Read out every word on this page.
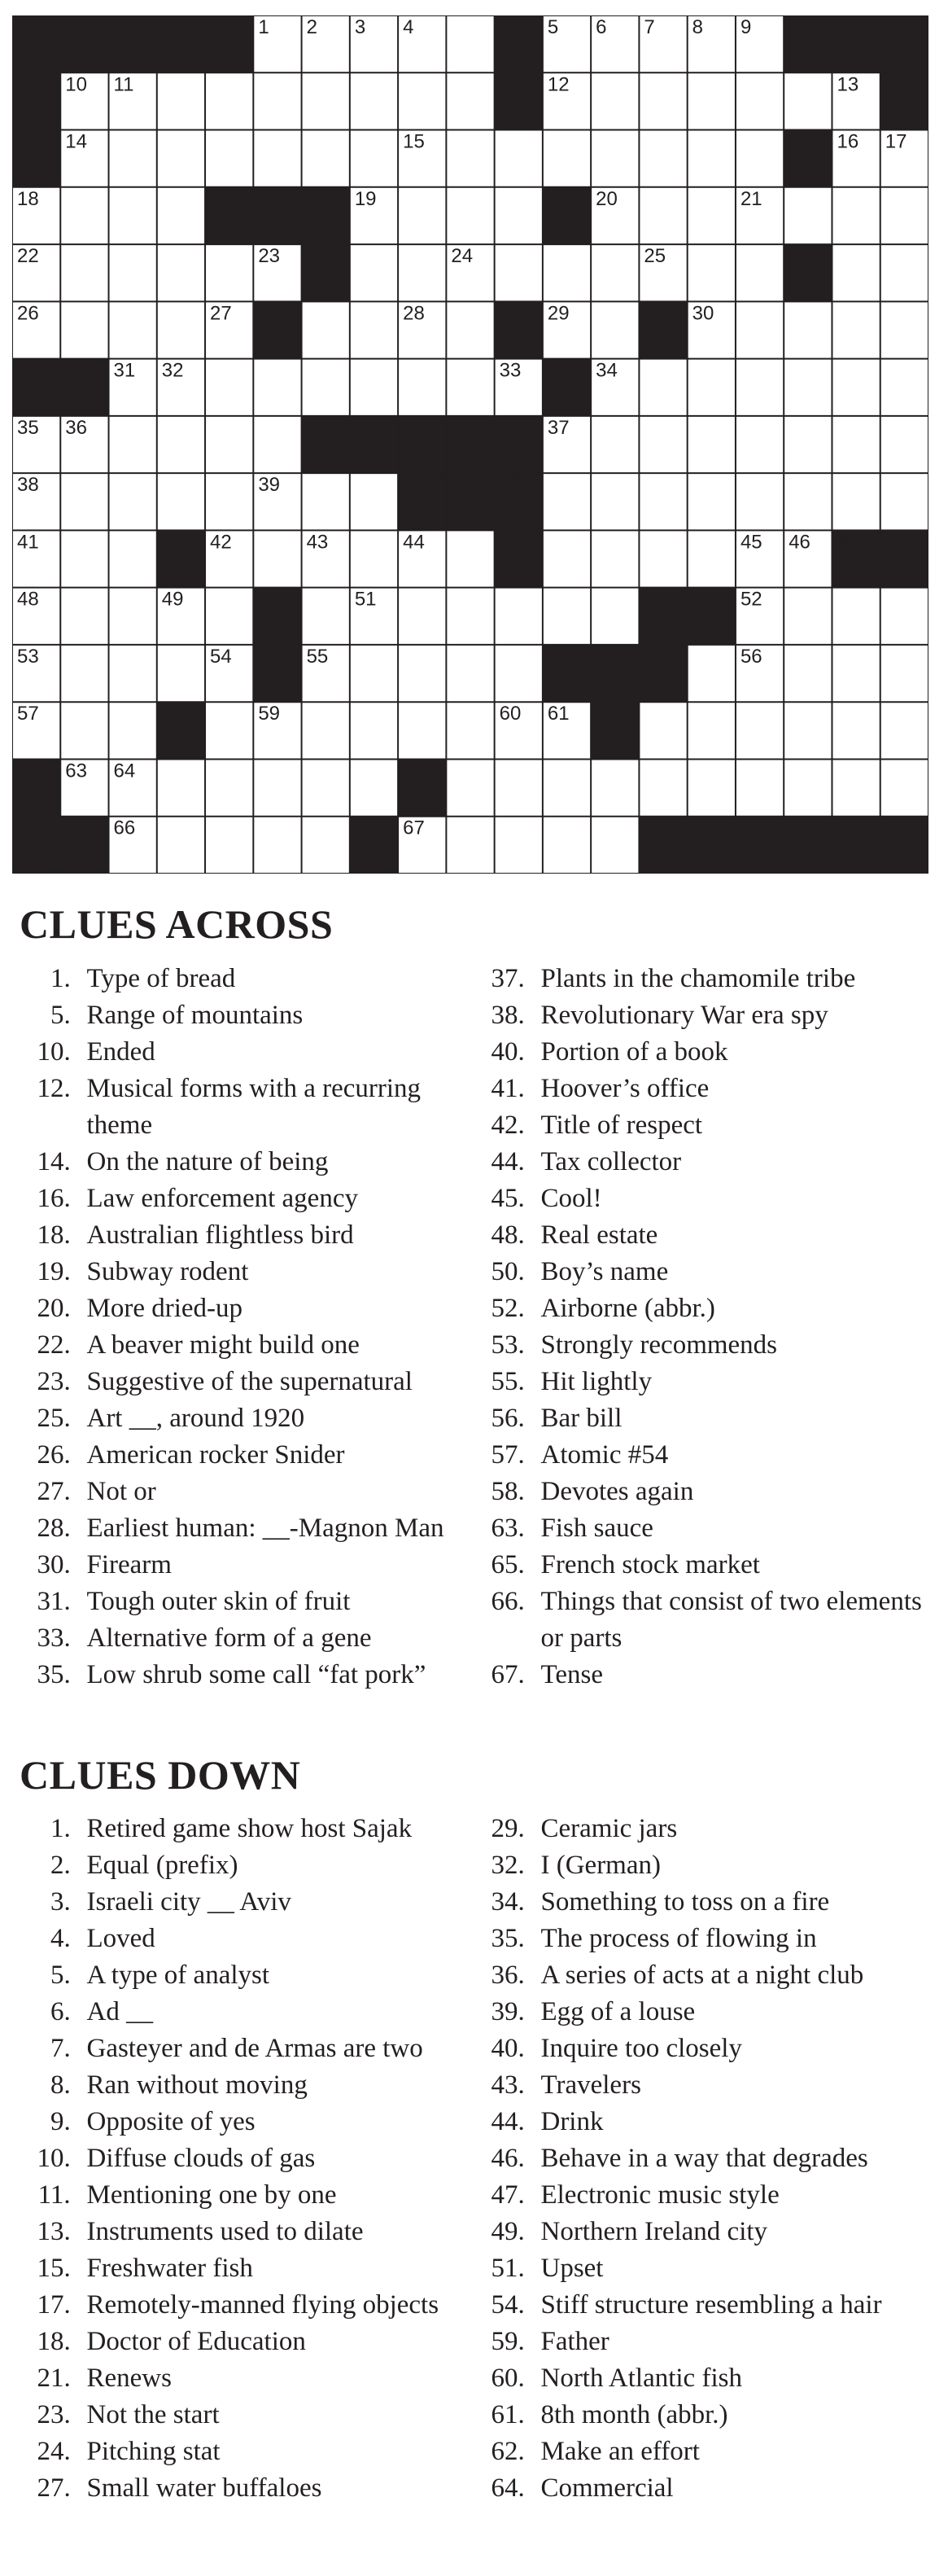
1 2 3 4	5 6 7 8 9
10 11	12	13
14	15	16 17
18	19	20	21
22	23	24	25
26	27	28	29	30
31 32	33	34
35 36	37
38	39	40
41	42	43	44	45 46 47
48	49	50	51	52
53	54	55	56
57	58	59	60 61 62
63 64	65
66	67
CLUES ACROSS
1. Type of bread
5. Range of mountains
10. Ended
12. Musical forms with a recurring theme
14. On the nature of being
16. Law enforcement agency
18. Australian flightless bird
19. Subway rodent
20. More dried-up
22. A beaver might build one
23. Suggestive of the supernatural
25. Art __, around 1920
26. American rocker Snider
27. Not or
28. Earliest human: __-Magnon Man
30. Firearm
31. Tough outer skin of fruit
33. Alternative form of a gene
35. Low shrub some call “fat pork”
37. Plants in the chamomile tribe
38. Revolutionary War era spy
40. Portion of a book
41. Hoover’s office
42. Title of respect
44. Tax collector
45. Cool!
48. Real estate
50. Boy’s name
52. Airborne (abbr.)
53. Strongly recommends
55. Hit lightly
56. Bar bill
57. Atomic #54
58. Devotes again
63. Fish sauce
65. French stock market
66. Things that consist of two elements or parts
67. Tense
CLUES DOWN
1. Retired game show host Sajak
2. Equal (prefix)
3. Israeli city __ Aviv
4. Loved
5. A type of analyst
6. Ad __
7. Gasteyer and de Armas are two
8. Ran without moving
9. Opposite of yes
10. Diffuse clouds of gas
11. Mentioning one by one
13. Instruments used to dilate
15. Freshwater fish
17. Remotely-manned flying objects
18. Doctor of Education
21. Renews
23. Not the start
24. Pitching stat
27. Small water buffaloes
29. Ceramic jars
32. I (German)
34. Something to toss on a fire
35. The process of flowing in
36. A series of acts at a night club
39. Egg of a louse
40. Inquire too closely
43. Travelers
44. Drink
46. Behave in a way that degrades
47. Electronic music style
49. Northern Ireland city
51. Upset
54. Stiff structure resembling a hair
59. Father
60. North Atlantic fish
61. 8th month (abbr.)
62. Make an effort
64. Commercial
